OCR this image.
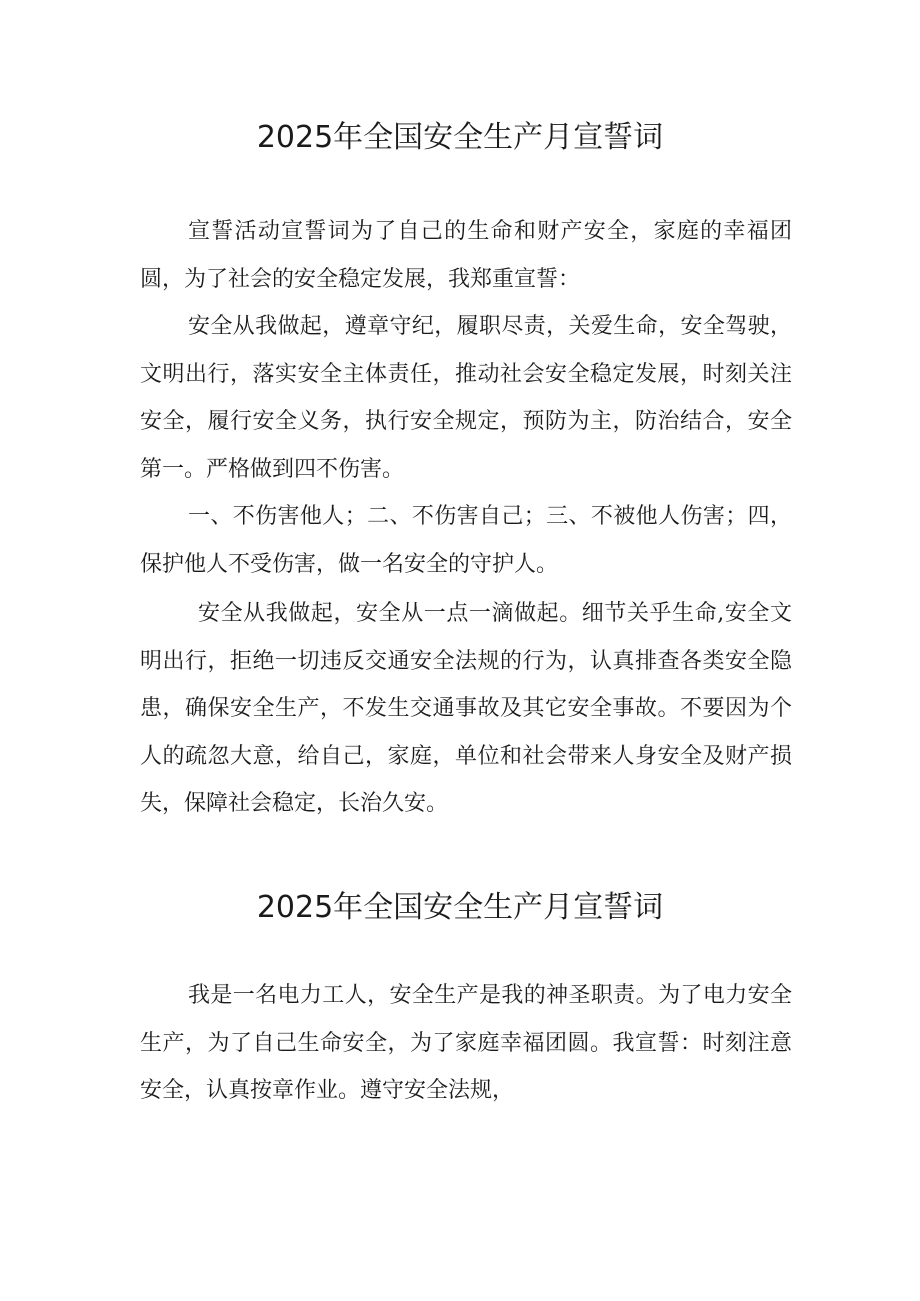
2025年全国安全生产月宣誓词

宣誓活动宣誓词为了自己的生命和财产安全，家庭的幸福团圆，为了社会的安全稳定发展，我郑重宣誓：

安全从我做起，遵章守纪，履职尽责，关爱生命，安全驾驶，文明出行，落实安全主体责任，推动社会安全稳定发展，时刻关注安全，履行安全义务，执行安全规定，预防为主，防治结合，安全第一。严格做到四不伤害。

一、不伤害他人；二、不伤害自己；三、不被他人伤害；四，保护他人不受伤害，做一名安全的守护人。

安全从我做起，安全从一点一滴做起。细节关乎生命,安全文明出行，拒绝一切违反交通安全法规的行为，认真排查各类安全隐患，确保安全生产，不发生交通事故及其它安全事故。不要因为个人的疏忽大意，给自己，家庭，单位和社会带来人身安全及财产损失，保障社会稳定，长治久安。

2025年全国安全生产月宣誓词

我是一名电力工人，安全生产是我的神圣职责。为了电力安全生产，为了自己生命安全，为了家庭幸福团圆。我宣誓：时刻注意安全，认真按章作业。遵守安全法规，
